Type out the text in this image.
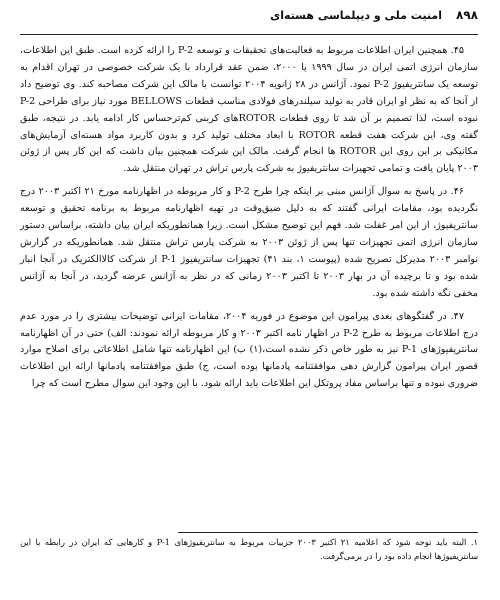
۸۹۸
امنیت ملی و دیپلماسی هسته‌ای

۴۵. همچنین ایران اطلاعات مربوط به فعالیت‌های تحقیقات و توسعه P-2 را ارائه کرده است. طبق این اطلاعات، سازمان انرژی اتمی ایران در سال ۱۹۹۹ یا ۲۰۰۰، ضمن عقد قرارداد با یک شرکت خصوصی در تهران اقدام به توسعه یک سانتریفیوژ P-2 نمود. آژانس در ۲۸ ژانویه ۲۰۰۴ توانست با مالک این شرکت مصاحبه کند. وی توضیح داد از آنجا که به نظر او ایران قادر به تولید سیلندرهای فولادی مناسب قطعات BELLOWS مورد نیاز برای طراحی P-2 نبوده است، لذا تصمیم بر آن شد تا روی قطعات ROTORهای کربنی کم‌ترحساس کار ادامه یابد. در نتیجه، طبق گفته وی، این شرکت هفت قطعه ROTOR با ابعاد مختلف تولید کرد و بدون کاربرد مواد هسته‌ای آزمایش‌های مکانیکی بر این روی این ROTOR ها انجام گرفت. مالک این شرکت همچنین بیان داشت که این کار پس از ژوئن ۲۰۰۳ پایان یافت و تمامی تجهیزات سانتریفیوژ به شرکت پارس تراش در تهران منتقل شد.

۴۶. در پاسخ به سوال آژانس مبنی بر اینکه چرا طرح P-2 و کار مربوطه در اظهارنامه مورخ ۲۱ اکتبر ۲۰۰۳ درج نگردیده بود، مقامات ایرانی گفتند که به دلیل ضیق‌وقت در تهیه اظهارنامه مربوط به برنامه تحقیق و توسعه سانتریفیوژ، از این امر غفلت شد. فهم این توضیح مشکل است. زیرا همانطوریکه ایران بیان داشته، براساس دستور سازمان انرژی اتمی تجهیزات تنها پس از ژوئن ۲۰۰۳ به شرکت پارس تراش منتقل شد. همانطوریکه در گزارش نوامبر ۲۰۰۳ مدیرکل تصریح شده (پیوست ۱، بند ۴۱) تجهیزات سانتریفیوژ P-1 از شرکت کالاالکتریک در آنجا انبار شده بود و تا برچیده آن در بهار ۲۰۰۳ تا اکتبر ۲۰۰۳ زمانی که در نظر به آژانس عرضه گردید، در آنجا به آژانس مخفی نگه داشته شده بود.

۴۷. در گفتگوهای بعدی پیرامون این موضوع در فوریه ۲۰۰۴، مقامات ایرانی توضیحات بیشتری را در مورد عدم درج اطلاعات مربوط به طرح P-2 در اظهار نامه اکتبر ۲۰۰۳ و کار مربوطه ارائه نمودند: الف) حتی در آن اظهارنامه سانتریفیوژهای P-1 نیز به طور خاص ذکر نشده است،(۱) ب) این اظهارنامه تنها شامل اطلاعاتی برای اصلاح موارد قصور ایران پیرامون گزارش دهی موافقتنامه پادمانها بوده است، ج) طبق موافقتنامه پادمانها ارائه این اطلاعات ضروری نبوده و تنها براساس مفاد پروتکل این اطلاعات باید ارائه شود. با این وجود این سوال مطرح است که چرا

۱. البته باید توجه شود که اعلامیه ۲۱ اکتبر ۲۰۰۳ جزییات مربوط به سانتریفیوژهای P-1 و کارهایی که ایران در رابطه با این سانتریفیوژها انجام داده بود را در برمی‌گرفت.
